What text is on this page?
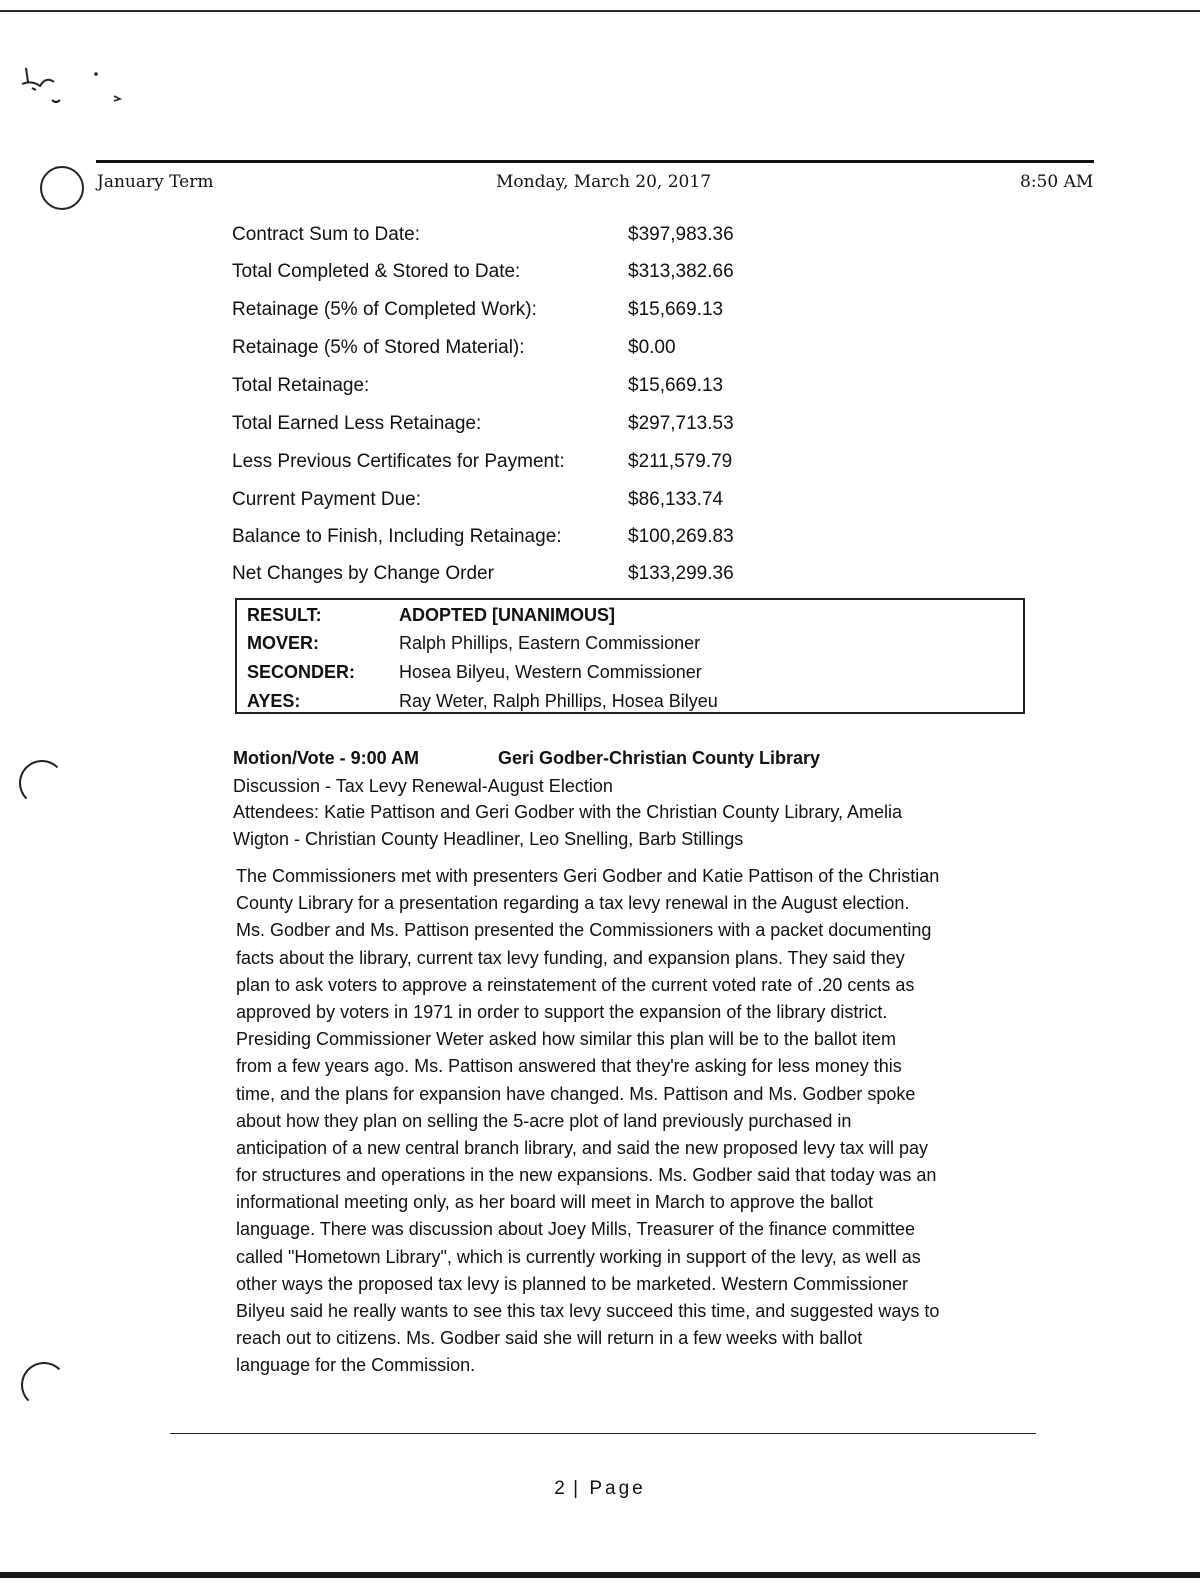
January Term	Monday, March 20, 2017	8:50 AM
Contract Sum to Date:	$397,983.36
Total Completed & Stored to Date:	$313,382.66
Retainage (5% of Completed Work):	$15,669.13
Retainage (5% of Stored Material):	$0.00
Total Retainage:	$15,669.13
Total Earned Less Retainage:	$297,713.53
Less Previous Certificates for Payment:	$211,579.79
Current Payment Due:	$86,133.74
Balance to Finish, Including Retainage:	$100,269.83
Net Changes by Change Order	$133,299.36
RESULT:	ADOPTED [UNANIMOUS]
MOVER:	Ralph Phillips, Eastern Commissioner
SECONDER: Hosea Bilyeu, Western Commissioner
AYES:	Ray Weter, Ralph Phillips, Hosea Bilyeu
Motion/Vote - 9:00 AM	Geri Godber-Christian County Library
Discussion - Tax Levy Renewal-August Election
Attendees: Katie Pattison and Geri Godber with the Christian County Library, Amelia
Wigton - Christian County Headliner, Leo Snelling, Barb Stillings
The Commissioners met with presenters Geri Godber and Katie Pattison of the Christian
County Library for a presentation regarding a tax levy renewal in the August election.
Ms. Godber and Ms. Pattison presented the Commissioners with a packet documenting
facts about the library, current tax levy funding, and expansion plans. They said they
plan to ask voters to approve a reinstatement of the current voted rate of .20 cents as
approved by voters in 1971 in order to support the expansion of the library district.
Presiding Commissioner Weter asked how similar this plan will be to the ballot item
from a few years ago. Ms. Pattison answered that they're asking for less money this
time, and the plans for expansion have changed. Ms. Pattison and Ms. Godber spoke
about how they plan on selling the 5-acre plot of land previously purchased in
anticipation of a new central branch library, and said the new proposed levy tax will pay
for structures and operations in the new expansions. Ms. Godber said that today was an
informational meeting only, as her board will meet in March to approve the ballot
language. There was discussion about Joey Mills, Treasurer of the finance committee
called "Hometown Library", which is currently working in support of the levy, as well as
other ways the proposed tax levy is planned to be marketed. Western Commissioner
Bilyeu said he really wants to see this tax levy succeed this time, and suggested ways to
reach out to citizens. Ms. Godber said she will return in a few weeks with ballot
language for the Commission.
2 | Page
